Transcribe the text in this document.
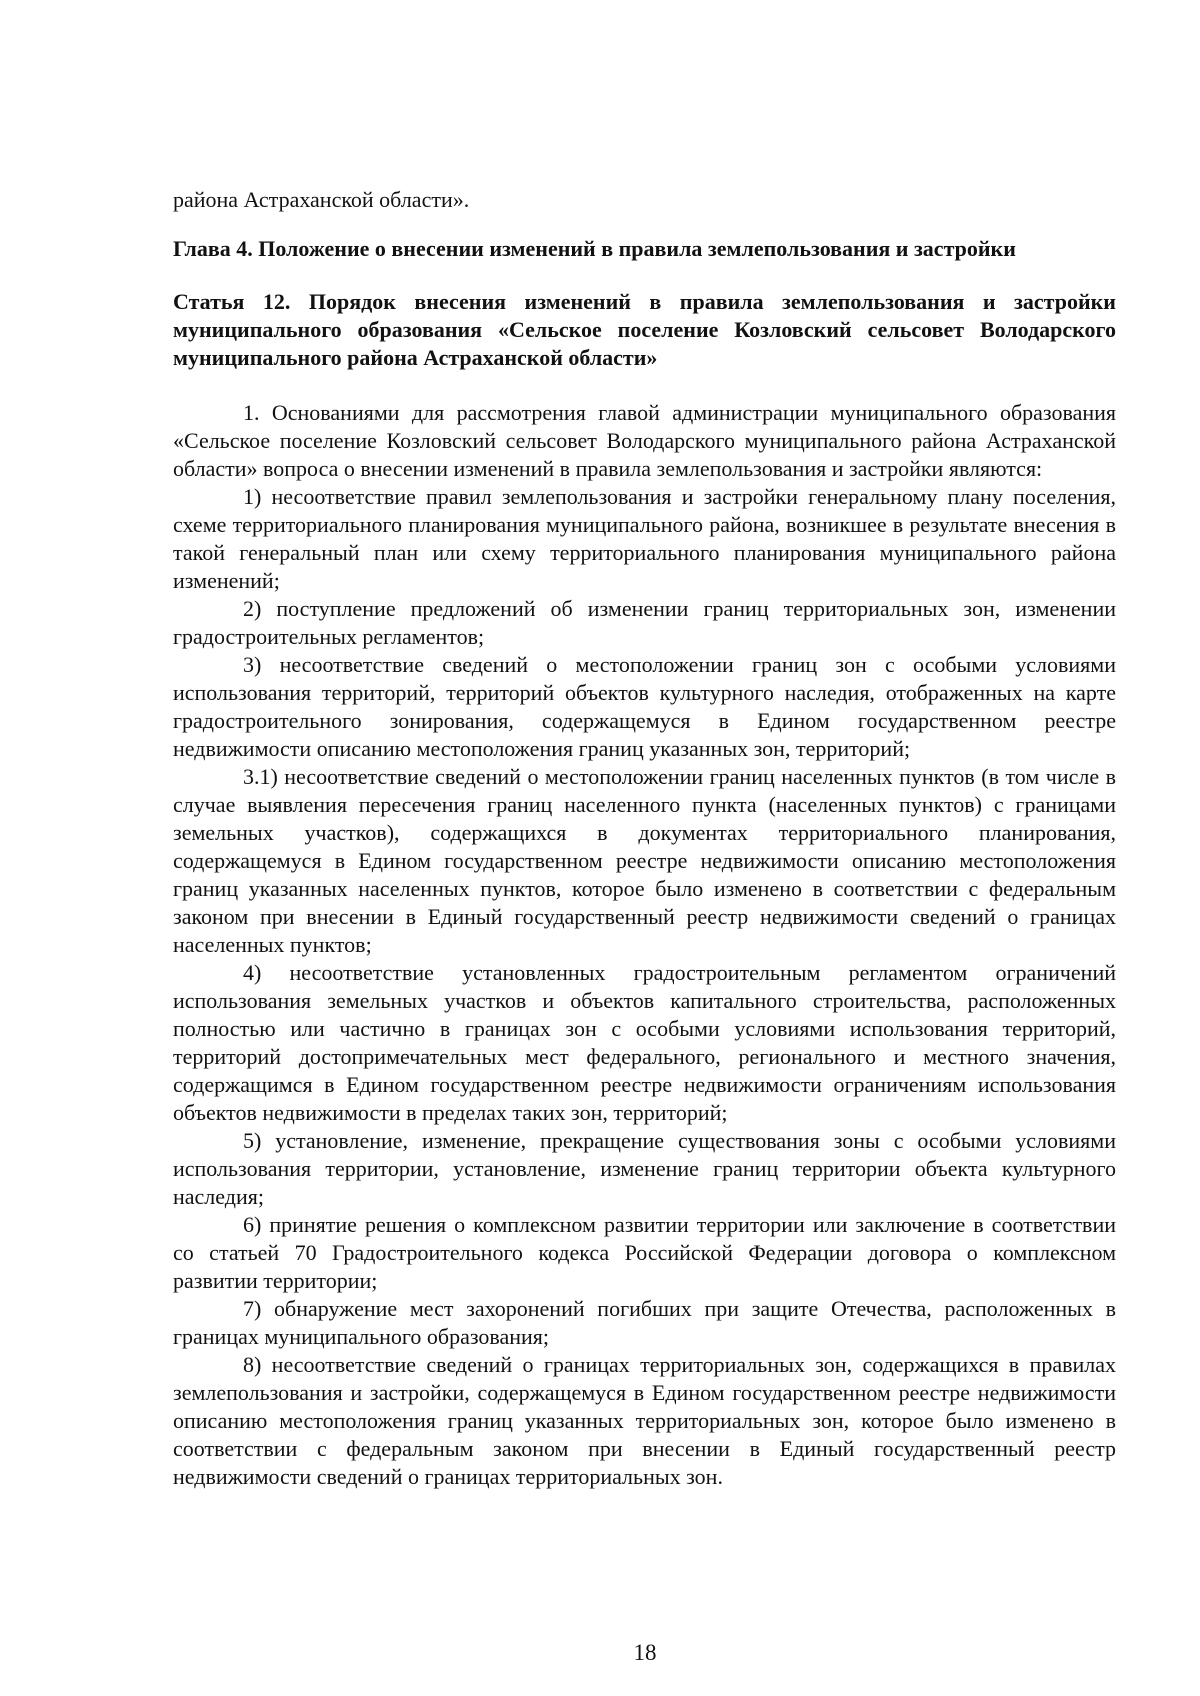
района Астраханской области».

Глава 4. Положение о внесении изменений в правила землепользования и застройки

Статья 12. Порядок внесения изменений в правила землепользования и застройки муниципального образования «Сельское поселение Козловский сельсовет Володарского муниципального района Астраханской области»

1. Основаниями для рассмотрения главой администрации муниципального образования «Сельское поселение Козловский сельсовет Володарского муниципального района Астраханской области» вопроса о внесении изменений в правила землепользования и застройки являются:

1) несоответствие правил землепользования и застройки генеральному плану поселения, схеме территориального планирования муниципального района, возникшее в результате внесения в такой генеральный план или схему территориального планирования муниципального района изменений;

2) поступление предложений об изменении границ территориальных зон, изменении градостроительных регламентов;

3) несоответствие сведений о местоположении границ зон с особыми условиями использования территорий, территорий объектов культурного наследия, отображенных на карте градостроительного зонирования, содержащемуся в Едином государственном реестре недвижимости описанию местоположения границ указанных зон, территорий;

3.1) несоответствие сведений о местоположении границ населенных пунктов (в том числе в случае выявления пересечения границ населенного пункта (населенных пунктов) с границами земельных участков), содержащихся в документах территориального планирования, содержащемуся в Едином государственном реестре недвижимости описанию местоположения границ указанных населенных пунктов, которое было изменено в соответствии с федеральным законом при внесении в Единый государственный реестр недвижимости сведений о границах населенных пунктов;

4) несоответствие установленных градостроительным регламентом ограничений использования земельных участков и объектов капитального строительства, расположенных полностью или частично в границах зон с особыми условиями использования территорий, территорий достопримечательных мест федерального, регионального и местного значения, содержащимся в Едином государственном реестре недвижимости ограничениям использования объектов недвижимости в пределах таких зон, территорий;

5) установление, изменение, прекращение существования зоны с особыми условиями использования территории, установление, изменение границ территории объекта культурного наследия;

6) принятие решения о комплексном развитии территории или заключение в соответствии со статьей 70 Градостроительного кодекса Российской Федерации договора о комплексном развитии территории;

7) обнаружение мест захоронений погибших при защите Отечества, расположенных в границах муниципального образования;

8) несоответствие сведений о границах территориальных зон, содержащихся в правилах землепользования и застройки, содержащемуся в Едином государственном реестре недвижимости описанию местоположения границ указанных территориальных зон, которое было изменено в соответствии с федеральным законом при внесении в Единый государственный реестр недвижимости сведений о границах территориальных зон.

18
